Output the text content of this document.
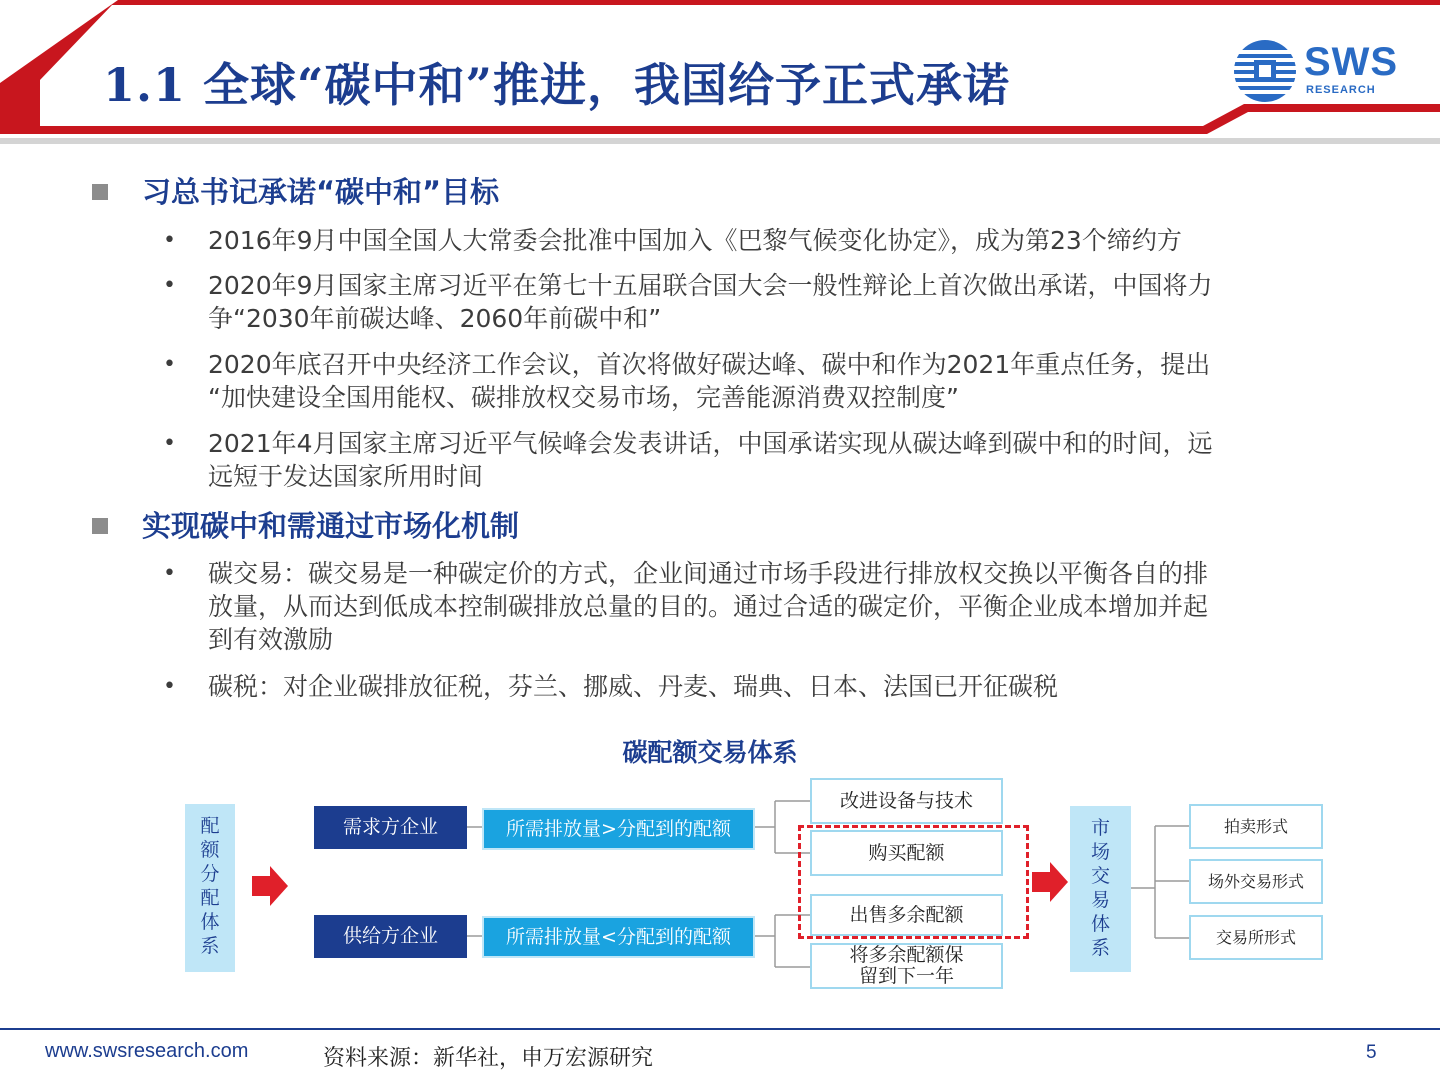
1.1 全球“碳中和”推进，我国给予正式承诺	SWS
RESEARCH
习总书记承诺“碳中和”目标
• 2016年9月中国全国人大常委会批准中国加入《巴黎气候变化协定》，成为第23个缔约方
• 2020年9月国家主席习近平在第七十五届联合国大会一般性辩论上首次做出承诺，中国将力
争“2030年前碳达峰、2060年前碳中和”
• 2020年底召开中央经济工作会议，首次将做好碳达峰、碳中和作为2021年重点任务，提出
“加快建设全国用能权、碳排放权交易市场，完善能源消费双控制度”
• 2021年4月国家主席习近平气候峰会发表讲话，中国承诺实现从碳达峰到碳中和的时间，远
远短于发达国家所用时间
实现碳中和需通过市场化机制
• 碳交易：碳交易是一种碳定价的方式，企业间通过市场手段进行排放权交换以平衡各自的排
放量，从而达到低成本控制碳排放总量的目的。通过合适的碳定价，平衡企业成本增加并起
到有效激励
• 碳税：对企业碳排放征税，芬兰、挪威、丹麦、瑞典、日本、法国已开征碳税
碳配额交易体系
配
额
分
配
体
系
需求方企业
供给方企业
所需排放量>分配到的配额
所需排放量<分配到的配额
改进设备与技术
购买配额
出售多余配额
将多余配额保
留到下一年
市
场
交
易
体
系
拍卖形式
场外交易形式
交易所形式
www.swsresearch.com	资料来源：新华社，申万宏源研究	5
